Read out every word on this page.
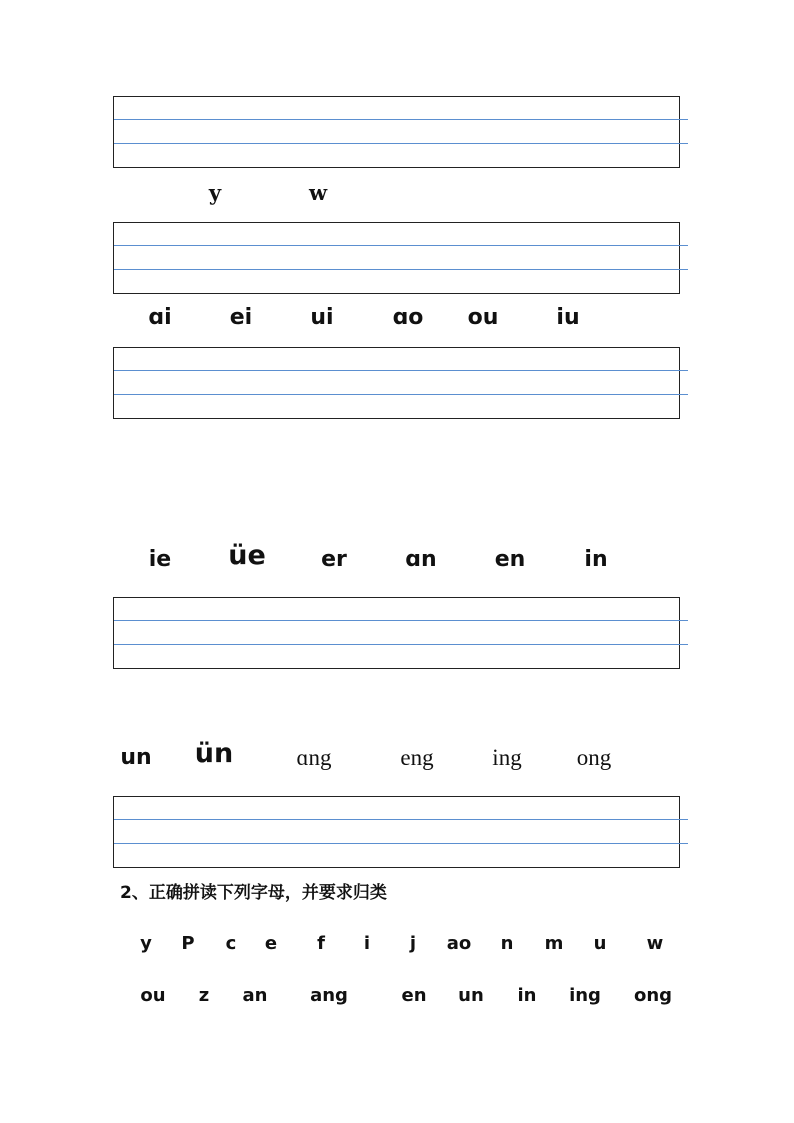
y	w
ɑi	ei	ui	ɑo ou	iu
ie üe	er	ɑn	en	in
un ün	ɑng	eng	ing ong
2、正确拼读下列字母，并要求归类
y P c e f i j ao n m u w
ou z an ang	en un in ing ong
